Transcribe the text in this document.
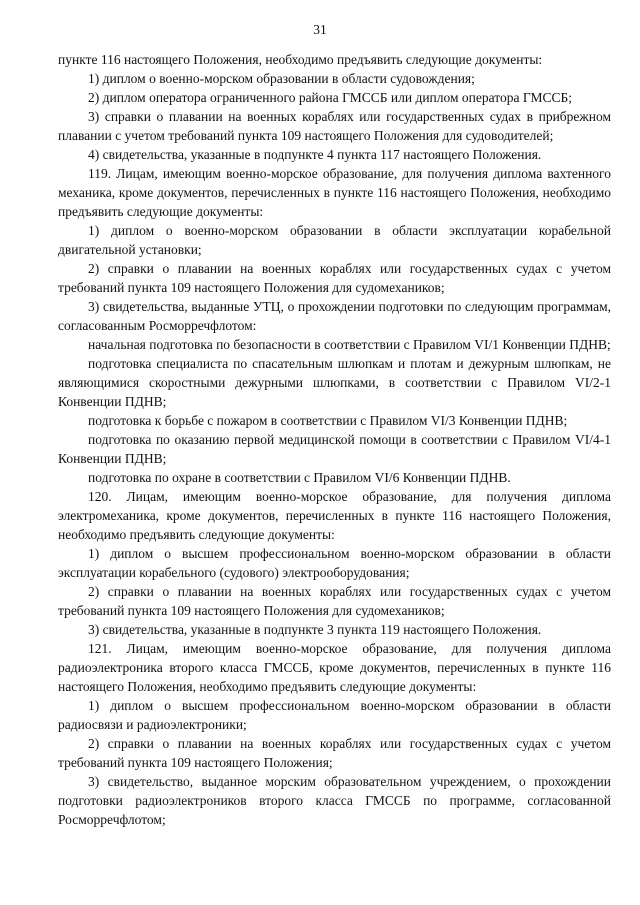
31

пункте 116 настоящего Положения, необходимо предъявить следующие документы:

1) диплом о военно-морском образовании в области судовождения;

2) диплом оператора ограниченного района ГМССБ или диплом оператора ГМССБ;

3) справки о плавании на военных кораблях или государственных судах в прибрежном плавании с учетом требований пункта 109 настоящего Положения для судоводителей;

4) свидетельства, указанные в подпункте 4 пункта 117 настоящего Положения.

119. Лицам, имеющим военно-морское образование, для получения диплома вахтенного механика, кроме документов, перечисленных в пункте 116 настоящего Положения, необходимо предъявить следующие документы:

1) диплом о военно-морском образовании в области эксплуатации корабельной двигательной установки;

2) справки о плавании на военных кораблях или государственных судах с учетом требований пункта 109 настоящего Положения для судомехаников;

3) свидетельства, выданные УТЦ, о прохождении подготовки по следующим программам, согласованным Росморречфлотом:

начальная подготовка по безопасности в соответствии с Правилом VI/1 Конвенции ПДНВ;

подготовка специалиста по спасательным шлюпкам и плотам и дежурным шлюпкам, не являющимися скоростными дежурными шлюпками, в соответствии с Правилом VI/2-1 Конвенции ПДНВ;

подготовка к борьбе с пожаром в соответствии с Правилом VI/3 Конвенции ПДНВ;

подготовка по оказанию первой медицинской помощи в соответствии с Правилом VI/4-1 Конвенции ПДНВ;

подготовка по охране в соответствии с Правилом VI/6 Конвенции ПДНВ.

120. Лицам, имеющим военно-морское образование, для получения диплома электромеханика, кроме документов, перечисленных в пункте 116 настоящего Положения, необходимо предъявить следующие документы:

1) диплом о высшем профессиональном военно-морском образовании в области эксплуатации корабельного (судового) электрооборудования;

2) справки о плавании на военных кораблях или государственных судах с учетом требований пункта 109 настоящего Положения для судомехаников;

3) свидетельства, указанные в подпункте 3 пункта 119 настоящего Положения.

121. Лицам, имеющим военно-морское образование, для получения диплома радиоэлектроника второго класса ГМССБ, кроме документов, перечисленных в пункте 116 настоящего Положения, необходимо предъявить следующие документы:

1) диплом о высшем профессиональном военно-морском образовании в области радиосвязи и радиоэлектроники;

2) справки о плавании на военных кораблях или государственных судах с учетом требований пункта 109 настоящего Положения;

3) свидетельство, выданное морским образовательном учреждением, о прохождении подготовки радиоэлектроников второго класса ГМССБ по программе, согласованной Росморречфлотом;
